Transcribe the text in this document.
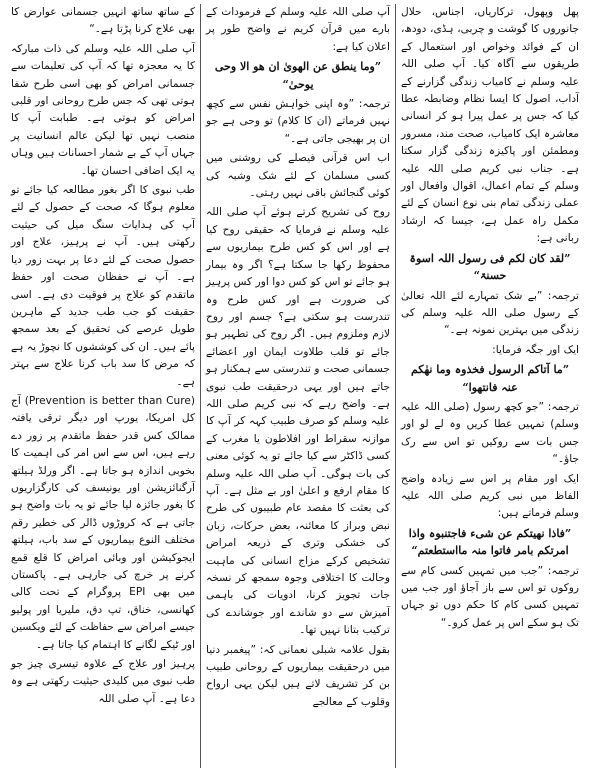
پھل وپھول، ترکاریاں، اجناس، حلال جانوروں کا گوشت و چربی، ہڈی، دودھ، ان کے فوائد وخواص اور استعمال کے طریقوں سے آگاہ کیا۔ آپ صلی اللہ علیہ وسلم نے کامیاب زندگی گزارنے کے آداب، اصول کا ایسا نظام وضابطہ عطا کیا کہ جس پر عمل پیرا ہو کر انسانی معاشرہ ایک کامیاب، صحت مند، مسرور ومطمئن اور پاکیزہ زندگی گزار سکتا ہے۔ جناب نبی کریم صلی اللہ علیہ وسلم کے تمام اعمال، اقوال وافعال اور عملی زندگی تمام بنی نوع انسان کے لئے مکمل راہ عمل ہے، جیسا کہ ارشاد ربانی ہے:

”لقد کان لکم فی رسول اللہ اسوۃ حسنۃ“

ترجمہ: ”بے شک تمہارے لئے اللہ تعالیٰ کے رسول صلی اللہ علیہ وسلم کی زندگی میں بہترین نمونہ ہے۔“

ایک اور جگہ فرمایا:

”ما آتاکم الرسول فخذوہ وما نھٰکم عنہ فانتھوا“

ترجمہ: ”جو کچھ رسول (صلی اللہ علیہ وسلم) تمہیں عطا کریں وہ لے لو اور جس بات سے روکیں تو اس سے رک جاؤ۔“

ایک اور مقام پر اس سے زیادہ واضح الفاظ میں نبی کریم صلی اللہ علیہ وسلم فرماتے ہیں:

”فاذا نھیتکم عن شیء فاجتنبوہ واذا امرتکم بامر فاتوا منہ مااستطعتم“

ترجمہ: ”جب میں تمہیں کسی کام سے روکوں تو اس سے باز آجاؤ اور جب میں تمہیں کسی کام کا حکم دوں تو جہاں تک ہو سکے اس پر عمل کرو۔“

آپ صلی اللہ علیہ وسلم کے فرمودات کے بارے میں قرآن کریم نے واضح طور پر اعلان کیا ہے:

”وما ینطق عن الھویٰ ان ھو الا وحی یوحیٰ“

ترجمہ: ”وہ اپنی خواہش نفس سے کچھ نہیں فرماتے (ان کا کلام) تو وحی ہے جو ان پر بھیجی جاتی ہے۔“

اب اس قرآنی فیصلے کی روشنی میں کسی مسلمان کے لئے شک وشبہ کی کوئی گنجائش باقی نہیں رہتی۔

روح کی تشریح کرتے ہوئے آپ صلی اللہ علیہ وسلم نے فرمایا کہ حقیقی روح کیا ہے اور اس کو کس طرح بیماریوں سے محفوظ رکھا جا سکتا ہے؟ اگر وہ بیمار ہو جائے تو اس کو کس دوا اور کس پرہیز کی ضرورت ہے اور کس طرح وہ تندرست ہو سکتی ہے؟ جسم اور روح لازم وملزوم ہیں۔ اگر روح کی تطہیر ہو جائے تو قلب طلاوت ایمان اور اعضائے جسمانی صحت و تندرستی سے ہمکنار ہو جاتے ہیں اور یہی درحقیقت طب نبوی ہے۔ واضح رہے کہ نبی کریم صلی اللہ علیہ وسلم کو صرف طبیب کہہ کر آپ کا موازنہ سقراط اور افلاطون یا مغرب کے کسی ڈاکٹر سے کیا جائے تو یہ کوئی معنی کی بات ہوگی۔ آپ صلی اللہ علیہ وسلم کا مقام ارفع و اعلیٰ اور بے مثل ہے۔ آپ کی بعثت کا مقصد عام طبیبوں کی طرح نبض وبراز کا معائنہ، بعض حرکات، زبان کی خشکی وتری کے ذریعہ امراض تشخیص کرکے مزاج انسانی کی ماہیت وحالت کا اختلافی وجوہ سمجھ کر نسخہ جات تجویز کرنا، ادویات کی باہمی آمیزش سے دو شاندے اور جوشاندے کی ترکیب بتانا نہیں تھا۔

بقول علامہ شبلی نعمانی کہ: ”پیغمبر دنیا میں درحقیقت بیماریوں کے روحانی طبیب بن کر تشریف لاتے ہیں لیکن یہی ارواح وقلوب کے معالجے

کے ساتھ ساتھ انہیں جسمانی عوارض کا بھی علاج کرنا پڑتا ہے۔“

آپ صلی اللہ علیہ وسلم کی ذات مبارکہ کا یہ معجزہ تھا کہ آپ کی تعلیمات سے جسمانی امراض کو بھی اسی طرح شفا ہوتی تھی کہ جس طرح روحانی اور قلبی امراض کو ہوتی ہے۔ طبابت آپ کا منصب نہیں تھا لیکن عالم انسانیت پر جہاں آپ کے بے شمار احسانات ہیں وہاں یہ ایک اضافی احسان تھا۔

طب نبوی کا اگر بغور مطالعہ کیا جائے تو معلوم ہوگا کہ صحت کے حصول کے لئے آپ کی ہدایات سنگ میل کی حیثیت رکھتی ہیں۔ آپ نے پرہیز، علاج اور حصول صحت کے لئے دعا پر بہت زور دیا ہے۔ آپ نے حفظان صحت اور حفظ ماتقدم کو علاج پر فوقیت دی ہے۔ اسی حقیقت کو جب طب جدید کے ماہرین طویل عرصے کی تحقیق کے بعد سمجھ پائے ہیں۔ ان کی کوششوں کا نچوڑ یہ ہے کہ مرض کا سد باب کرنا علاج سے بہتر ہے۔

(Prevention is better than Cure) آج کل امریکا، یورپ اور دیگر ترقی یافتہ ممالک کس قدر حفظ ماتقدم پر زور دے رہے ہیں، اس سے اس امر کی اہمیت کا بخوبی اندازہ ہو جاتا ہے۔ اگر ورلڈ ہیلتھ آرگنائزیشن اور یونیسف کی کارگزاریوں کا بغور جائزہ لیا جائے تو یہ بات واضح ہو جاتی ہے کہ کروڑوں ڈالر کی خطیر رقم مختلف النوع بیماریوں کے سد باب، ہیلتھ ایجوکیشن اور وبائی امراض کا قلع قمع کرنے پر خرچ کی جارہی ہے۔ پاکستان میں بھی EPI پروگرام کے تحت کالی کھانسی، خناق، تپ دق، ملیریا اور پولیو جیسے امراض سے حفاظت کے لئے ویکسین اور ٹیکے لگانے کا اہتمام کیا جاتا ہے۔

پرہیز اور علاج کے علاوہ تیسری چیز جو طب نبوی میں کلیدی حیثیت رکھتی ہے وہ دعا ہے۔ آپ صلی اللہ
